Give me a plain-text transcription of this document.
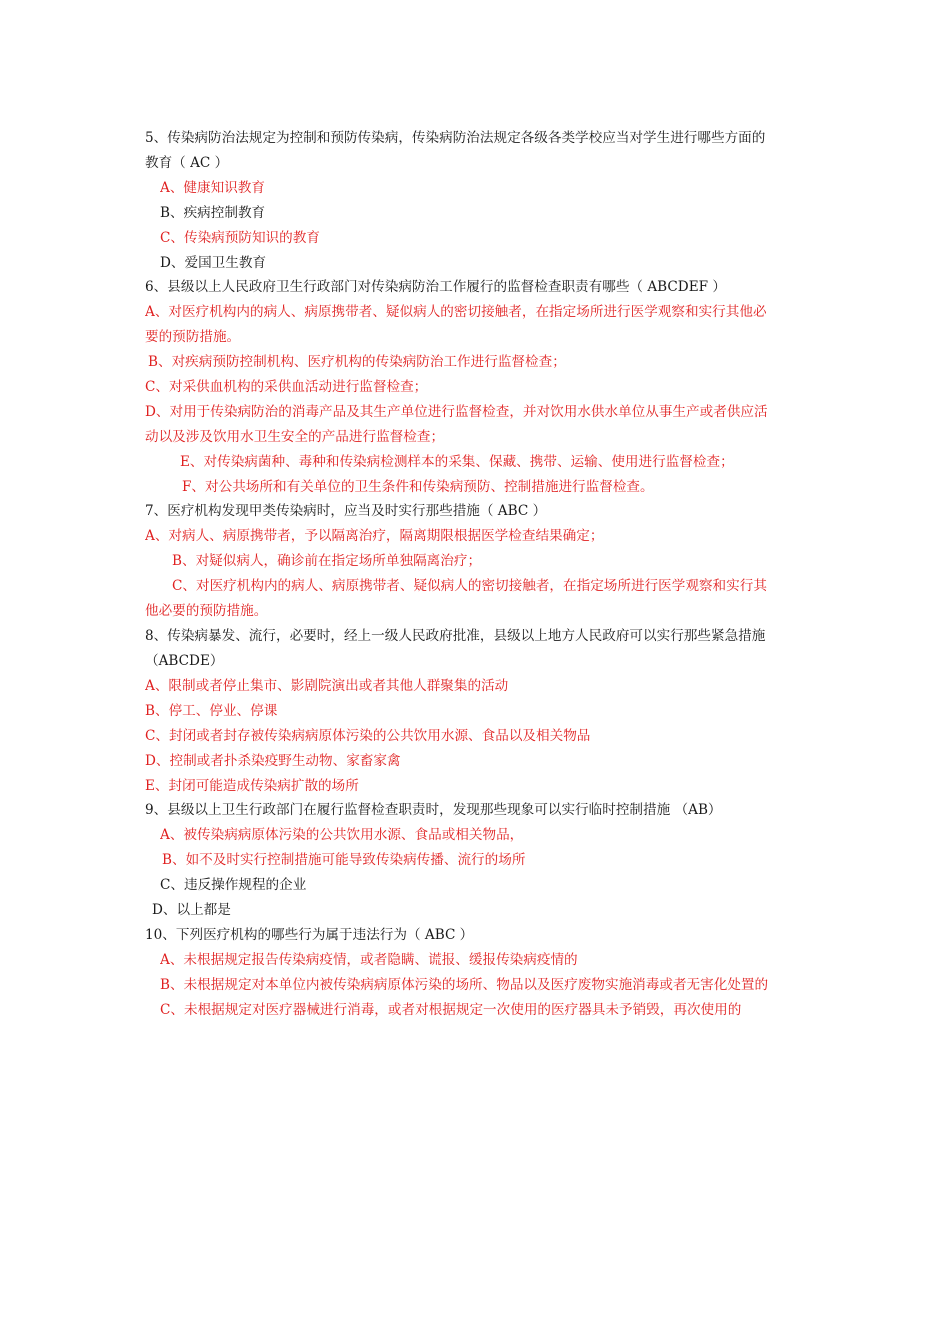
5、传染病防治法规定为控制和预防传染病，传染病防治法规定各级各类学校应当对学生进行哪些方面的
教育（ AC ）
A、健康知识教育
B、疾病控制教育
C、传染病预防知识的教育
D、爱国卫生教育
6、县级以上人民政府卫生行政部门对传染病防治工作履行的监督检查职责有哪些（ ABCDEF ）
A、对医疗机构内的病人、病原携带者、疑似病人的密切接触者，在指定场所进行医学观察和实行其他必
要的预防措施。
B、对疾病预防控制机构、医疗机构的传染病防治工作进行监督检查；
C、对采供血机构的采供血活动进行监督检查；
D、对用于传染病防治的消毒产品及其生产单位进行监督检查，并对饮用水供水单位从事生产或者供应活
动以及涉及饮用水卫生安全的产品进行监督检查；
E、对传染病菌种、毒种和传染病检测样本的采集、保藏、携带、运输、使用进行监督检查；
F、对公共场所和有关单位的卫生条件和传染病预防、控制措施进行监督检查。
7、医疗机构发现甲类传染病时，应当及时实行那些措施（ ABC ）
A、对病人、病原携带者，予以隔离治疗，隔离期限根据医学检查结果确定；
B、对疑似病人，确诊前在指定场所单独隔离治疗；
C、对医疗机构内的病人、病原携带者、疑似病人的密切接触者，在指定场所进行医学观察和实行其
他必要的预防措施。
8、传染病暴发、流行，必要时，经上一级人民政府批准，县级以上地方人民政府可以实行那些紧急措施
（ABCDE）
A、限制或者停止集市、影剧院演出或者其他人群聚集的活动
B、停工、停业、停课
C、封闭或者封存被传染病病原体污染的公共饮用水源、食品以及相关物品
D、控制或者扑杀染疫野生动物、家畜家禽
E、封闭可能造成传染病扩散的场所
9、县级以上卫生行政部门在履行监督检查职责时，发现那些现象可以实行临时控制措施 （AB）
A、被传染病病原体污染的公共饮用水源、食品或相关物品，
B、如不及时实行控制措施可能导致传染病传播、流行的场所
C、违反操作规程的企业
D、以上都是
10、下列医疗机构的哪些行为属于违法行为（ ABC ）
A、未根据规定报告传染病疫情，或者隐瞒、谎报、缓报传染病疫情的
B、未根据规定对本单位内被传染病病原体污染的场所、物品以及医疗废物实施消毒或者无害化处置的
C、未根据规定对医疗器械进行消毒，或者对根据规定一次使用的医疗器具未予销毁，再次使用的
